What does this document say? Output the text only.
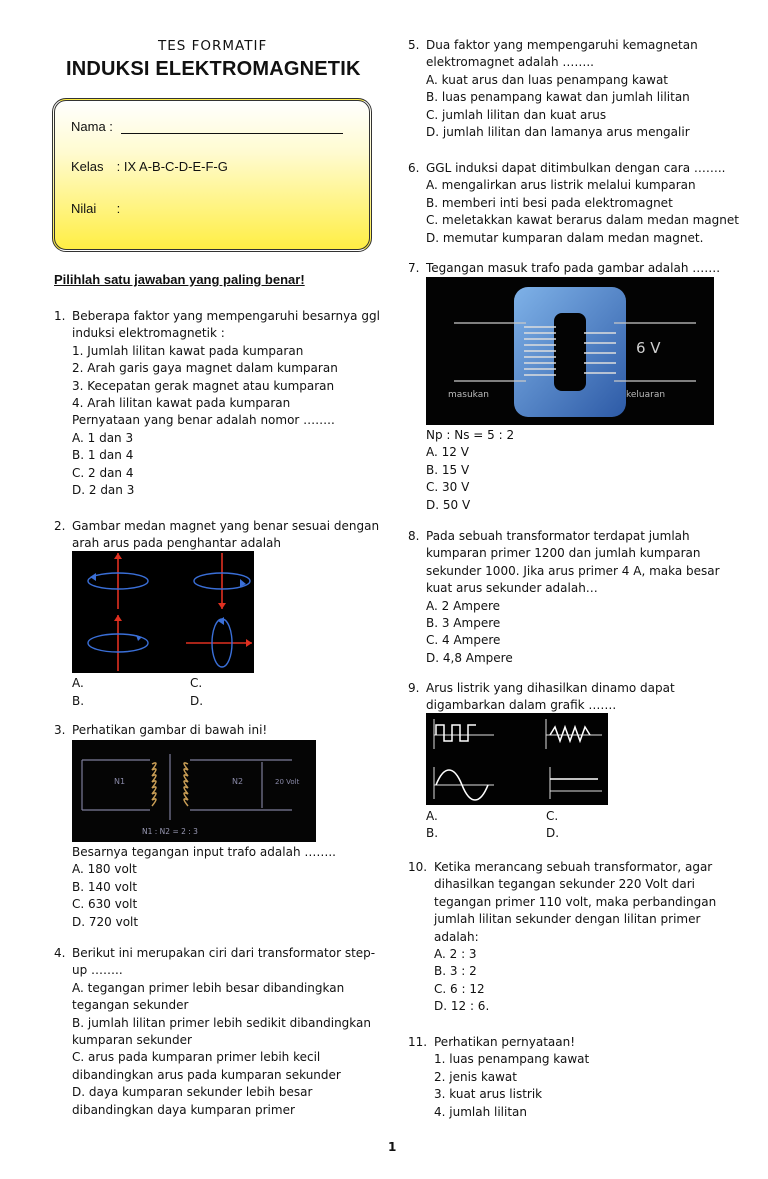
TES FORMATIF
INDUKSI ELEKTROMAGNETIK
Nama :
Kelas : IX A-B-C-D-E-F-G
Nilai :
Pilihlah satu jawaban yang paling benar!
1. Beberapa faktor yang mempengaruhi besarnya ggl
induksi elektromagnetik :
1. Jumlah lilitan kawat pada kumparan
2. Arah garis gaya magnet dalam kumparan
3. Kecepatan gerak magnet atau kumparan
4. Arah lilitan kawat pada kumparan
Pernyataan yang benar adalah nomor ……..
A. 1 dan 3
B. 1 dan 4
C. 2 dan 4
D. 2 dan 3
2. Gambar medan magnet yang benar sesuai dengan
arah arus pada penghantar adalah
A.	C.
B.	D.
3. Perhatikan gambar di bawah ini!
N1	N2	20 Volt
N1 : N2 = 2 : 3
Besarnya tegangan input trafo adalah ……..
A. 180 volt
B. 140 volt
C. 630 volt
D. 720 volt
4. Berikut ini merupakan ciri dari transformator step-
up ……..
A. tegangan primer lebih besar dibandingkan
tegangan sekunder
B. jumlah lilitan primer lebih sedikit dibandingkan
kumparan sekunder
C. arus pada kumparan primer lebih kecil
dibandingkan arus pada kumparan sekunder
D. daya kumparan sekunder lebih besar
dibandingkan daya kumparan primer
5. Dua faktor yang mempengaruhi kemagnetan
elektromagnet adalah ……..
A. kuat arus dan luas penampang kawat
B. luas penampang kawat dan jumlah lilitan
C. jumlah lilitan dan kuat arus
D. jumlah lilitan dan lamanya arus mengalir
6. GGL induksi dapat ditimbulkan dengan cara ……..
A. mengalirkan arus listrik melalui kumparan
B. memberi inti besi pada elektromagnet
C. meletakkan kawat berarus dalam medan magnet
D. memutar kumparan dalam medan magnet.
7. Tegangan masuk trafo pada gambar adalah …….
6 V
masukan	keluaran
Np : Ns = 5 : 2
A. 12 V
B. 15 V
C. 30 V
D. 50 V
8. Pada sebuah transformator terdapat jumlah
kumparan primer 1200 dan jumlah kumparan
sekunder 1000. Jika arus primer 4 A, maka besar
kuat arus sekunder adalah…
A. 2 Ampere
B. 3 Ampere
C. 4 Ampere
D. 4,8 Ampere
9. Arus listrik yang dihasilkan dinamo dapat
digambarkan dalam grafik …….
A.	C.
B.	D.
10. Ketika merancang sebuah transformator, agar
dihasilkan tegangan sekunder 220 Volt dari
tegangan primer 110 volt, maka perbandingan
jumlah lilitan sekunder dengan lilitan primer
adalah:
A. 2 : 3
B. 3 : 2
C. 6 : 12
D. 12 : 6.
11. Perhatikan pernyataan!
1. luas penampang kawat
2. jenis kawat
3. kuat arus listrik
4. jumlah lilitan
1
